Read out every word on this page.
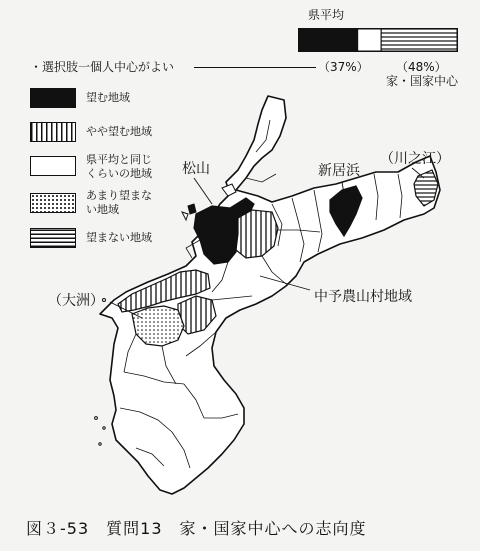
県平均
・選択肢一個人中心がよい	（37%） （48%）
家・国家中心
望む地域
やや望む地域
県平均と同じくらいの地域
あまり望まない地域
望まない地域
松山	新居浜
（川之江）
（大洲）	中予農山村地域
図３-53　質問13　家・国家中心への志向度
